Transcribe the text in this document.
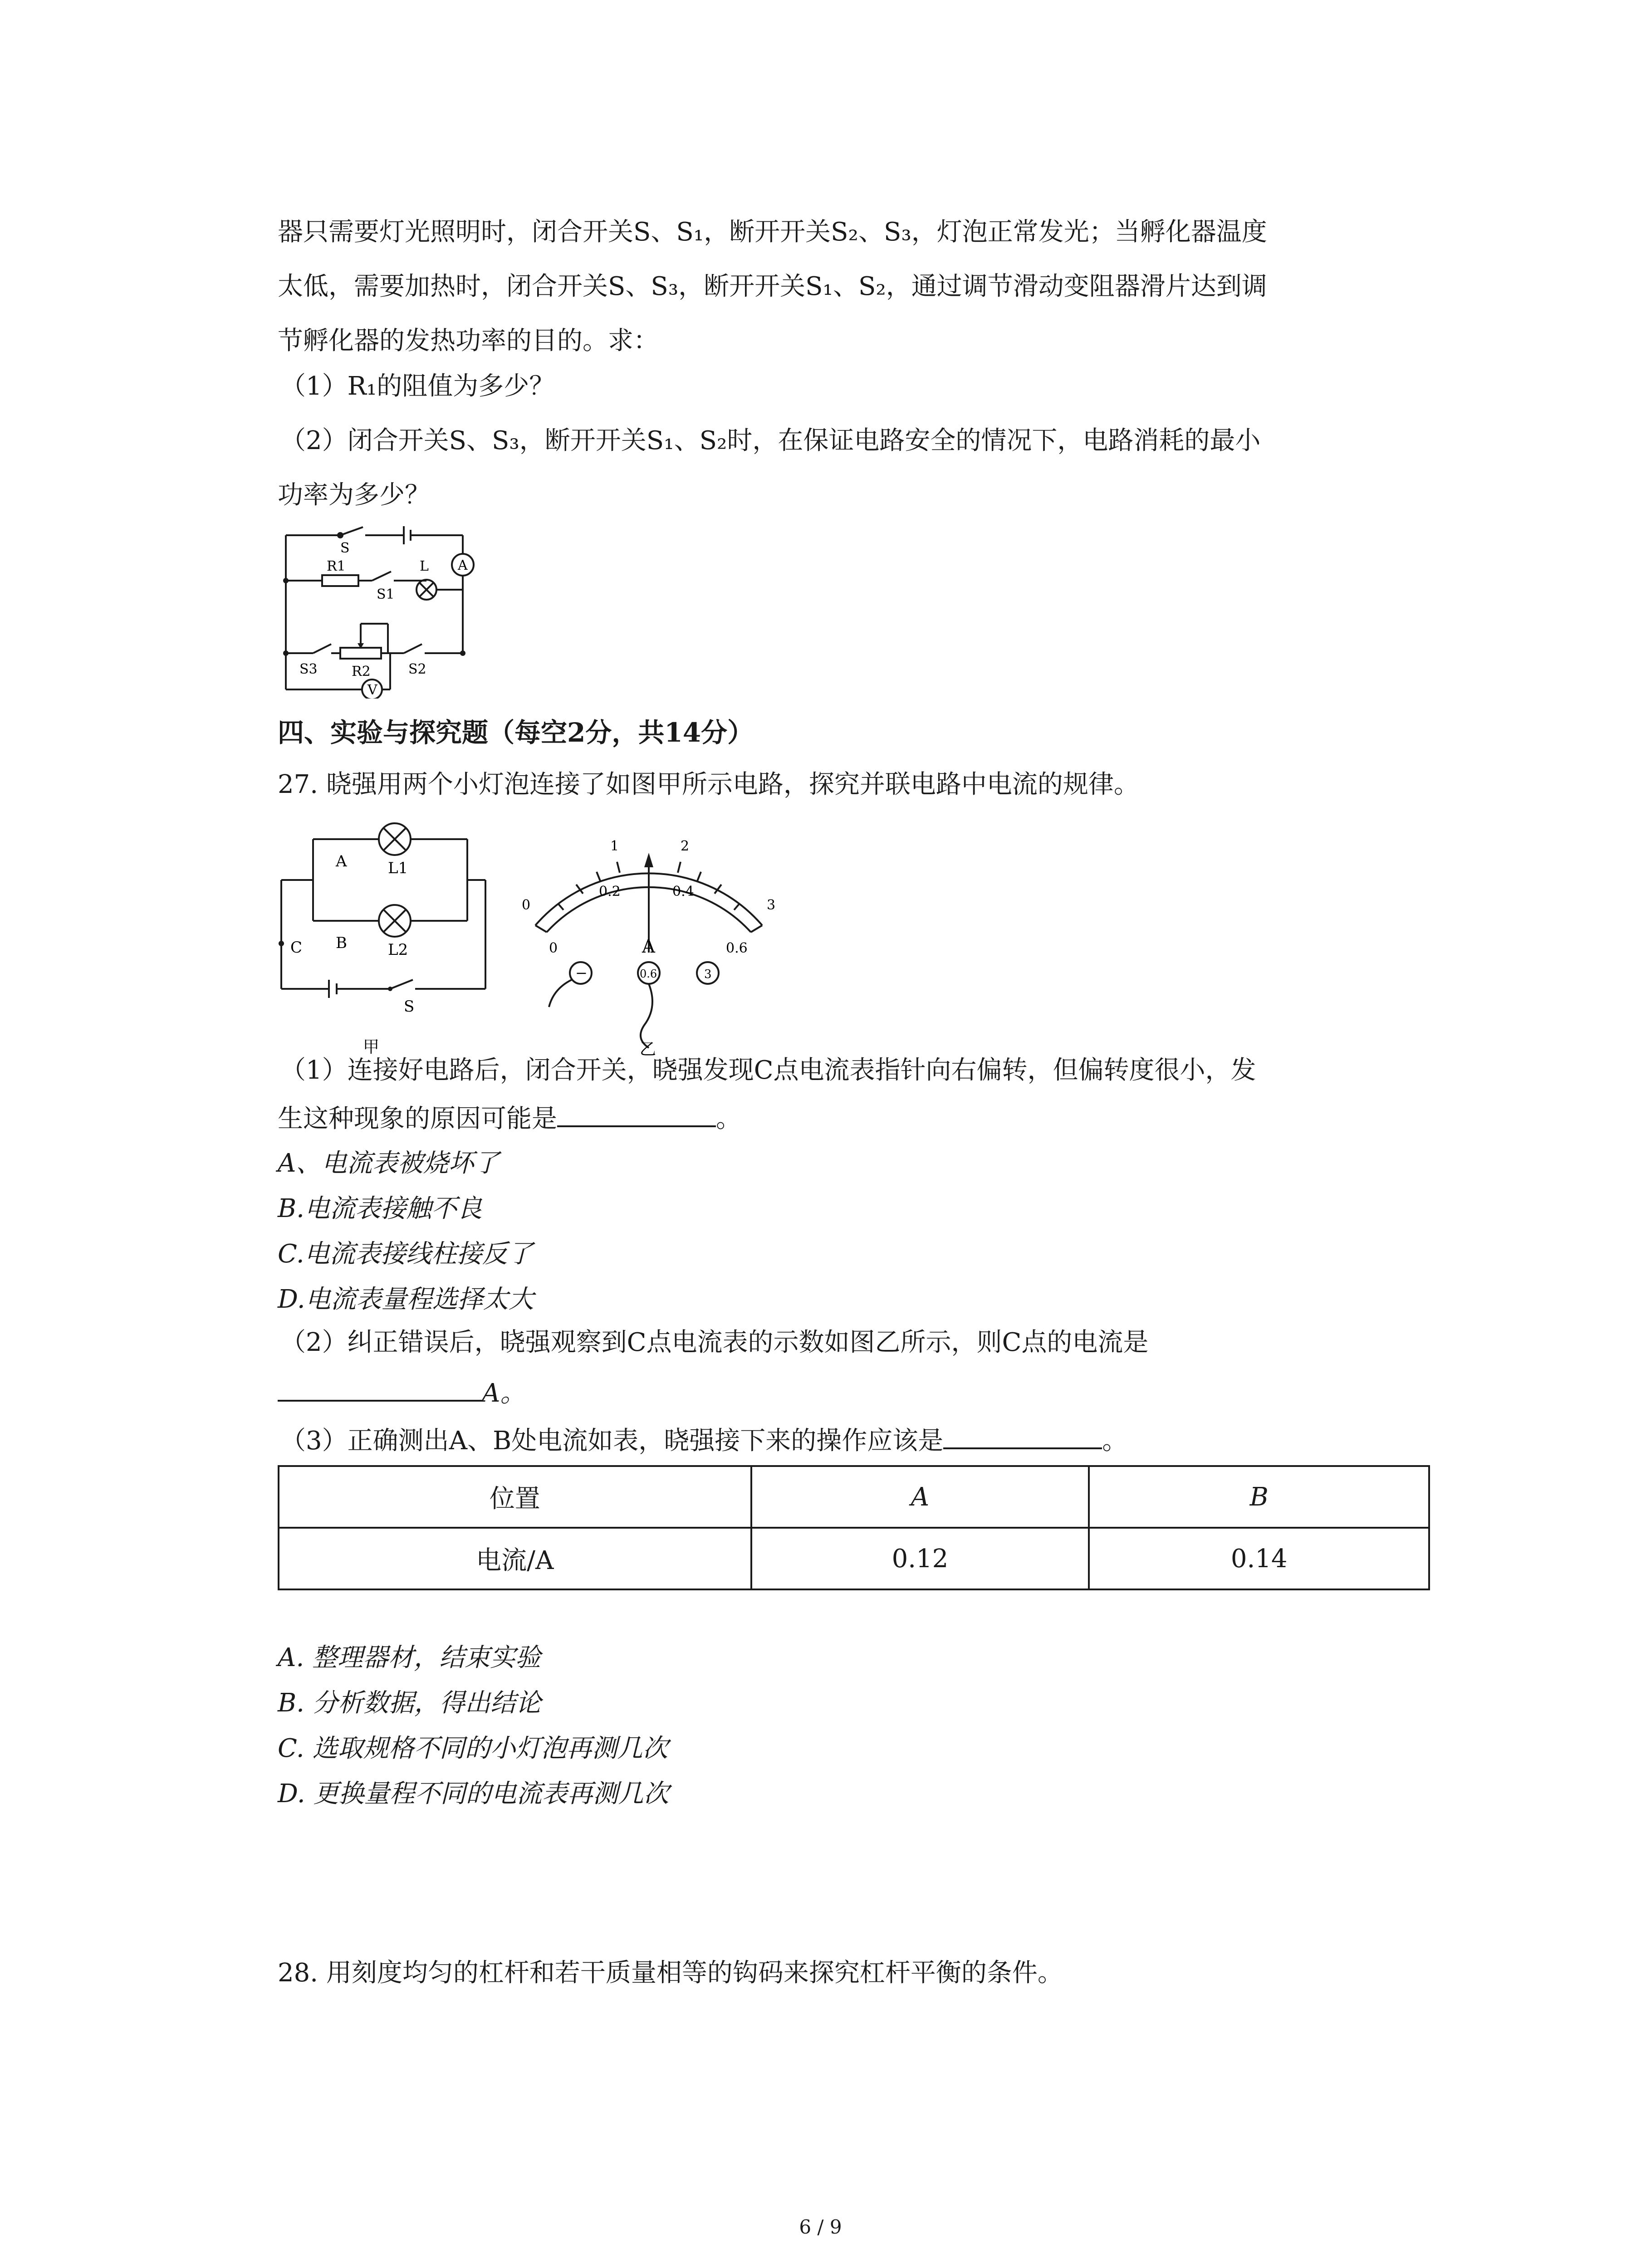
器只需要灯光照明时，闭合开关S、S₁，断开开关S₂、S₃，灯泡正常发光；当孵化器温度
太低，需要加热时，闭合开关S、S₃，断开开关S₁、S₂，通过调节滑动变阻器滑片达到调
节孵化器的发热功率的目的。求：
（1）R₁的阻值为多少？
（2）闭合开关S、S₃，断开开关S₁、S₂时，在保证电路安全的情况下，电路消耗的最小
功率为多少？
S
R1	L A
S1
S3	R2	S2
V
四、实验与探究题（每空2分，共14分）
27. 晓强用两个小灯泡连接了如图甲所示电路，探究并联电路中电流的规律。
A
B
C
L1
L2
S
甲
0
1	2
3
0
0.2	0.4
0.6
A
−	0.6	3
乙
（1）连接好电路后，闭合开关，晓强发现C点电流表指针向右偏转，但偏转度很小，发
生这种现象的原因可能是	。
A、电流表被烧坏了
B.电流表接触不良
C.电流表接线柱接反了
D.电流表量程选择太大
（2）纠正错误后，晓强观察到C点电流表的示数如图乙所示，则C点的电流是
A。
（3）正确测出A、B处电流如表，晓强接下来的操作应该是	。
位置	A	B
电流/A	0.12	0.14
A. 整理器材，结束实验
B. 分析数据，得出结论
C. 选取规格不同的小灯泡再测几次
D. 更换量程不同的电流表再测几次
28. 用刻度均匀的杠杆和若干质量相等的钩码来探究杠杆平衡的条件。
6 / 9
